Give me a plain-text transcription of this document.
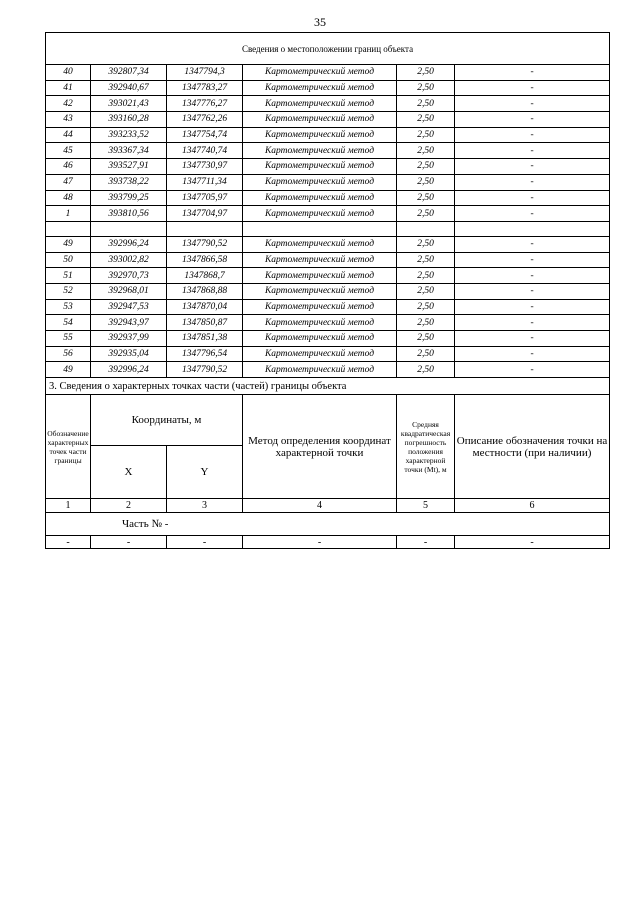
35
Сведения о местоположении границ объекта					
40	392807,34	1347794,3	Картометрический метод	2,50	-
41	392940,67	1347783,27	Картометрический метод	2,50	-
42	393021,43	1347776,27	Картометрический метод	2,50	-
43	393160,28	1347762,26	Картометрический метод	2,50	-
44	393233,52	1347754,74	Картометрический метод	2,50	-
45	393367,34	1347740,74	Картометрический метод	2,50	-
46	393527,91	1347730,97	Картометрический метод	2,50	-
47	393738,22	1347711,34	Картометрический метод	2,50	-
48	393799,25	1347705,97	Картометрический метод	2,50	-
1	393810,56	1347704,97	Картометрический метод	2,50	-

49	392996,24	1347790,52	Картометрический метод	2,50	-
50	393002,82	1347866,58	Картометрический метод	2,50	-
51	392970,73	1347868,7	Картометрический метод	2,50	-
52	392968,01	1347868,88	Картометрический метод	2,50	-
53	392947,53	1347870,04	Картометрический метод	2,50	-
54	392943,97	1347850,87	Картометрический метод	2,50	-
55	392937,99	1347851,38	Картометрический метод	2,50	-
56	392935,04	1347796,54	Картометрический метод	2,50	-
49	392996,24	1347790,52	Картометрический метод	2,50	-
3. Сведения о характерных точках части (частей) границы объекта					
Обозначение характерных точек части границы	Координаты, м		Метод определения координат характерной точки	Средняя квадратическая погрешность положения характерной точки (Mt), м	Описание обозначения точки на местности (при наличии)
	X	Y			
1	2	3	4	5	6
Часть № -					
-	-	-	-	-	-
